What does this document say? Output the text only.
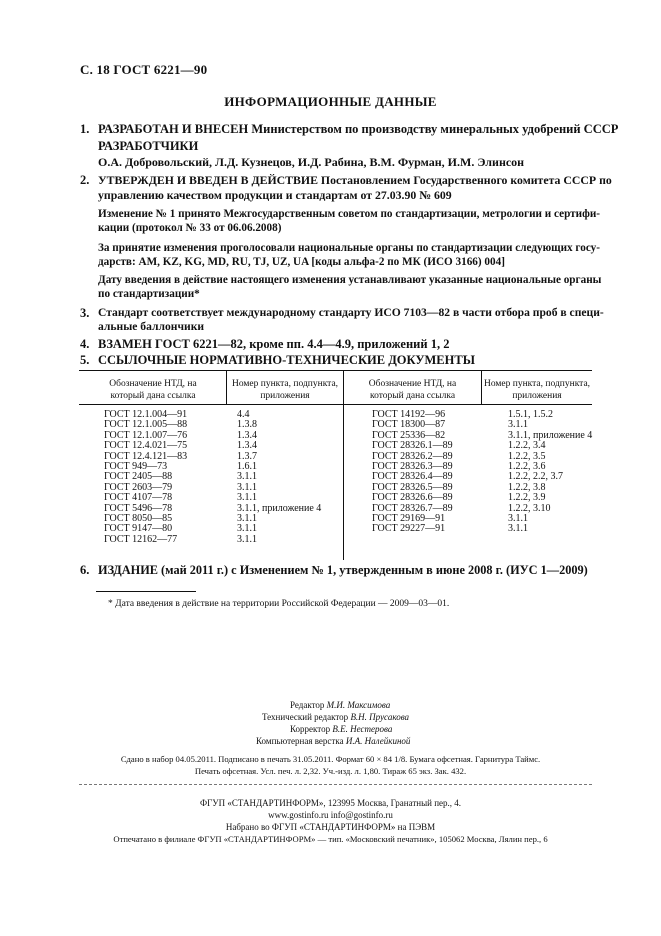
С. 18 ГОСТ 6221—90
ИНФОРМАЦИОННЫЕ ДАННЫЕ
1. РАЗРАБОТАН И ВНЕСЕН Министерством по производству минеральных удобрений СССР
РАЗРАБОТЧИКИ
О.А. Добровольский, Л.Д. Кузнецов, И.Д. Рабина, В.М. Фурман, И.М. Элинсон
2. УТВЕРЖДЕН И ВВЕДЕН В ДЕЙСТВИЕ Постановлением Государственного комитета СССР по
управлению качеством продукции и стандартам от 27.03.90 № 609
Изменение № 1 принято Межгосударственным советом по стандартизации, метрологии и сертифи-
кации (протокол № 33 от 06.06.2008)
За принятие изменения проголосовали национальные органы по стандартизации следующих госу-
дарств: AM, KZ, KG, MD, RU, TJ, UZ, UA [коды альфа-2 по МК (ИСО 3166) 004]
Дату введения в действие настоящего изменения устанавливают указанные национальные органы
по стандартизации*
3. Стандарт соответствует международному стандарту ИСО 7103—82 в части отбора проб в специ-
альные баллончики
4. ВЗАМЕН ГОСТ 6221—82, кроме пп. 4.4—4.9, приложений 1, 2
5. ССЫЛОЧНЫЕ НОРМАТИВНО-ТЕХНИЧЕСКИЕ ДОКУМЕНТЫ
Обозначение НТД, на
который дана ссылка
Номер пункта, подпункта,
приложения
Обозначение НТД, на
который дана ссылка
Номер пункта, подпункта,
приложения
ГОСТ 12.1.004—91
ГОСТ 12.1.005—88
ГОСТ 12.1.007—76
ГОСТ 12.4.021—75
ГОСТ 12.4.121—83
ГОСТ 949—73
ГОСТ 2405—88
ГОСТ 2603—79
ГОСТ 4107—78
ГОСТ 5496—78
ГОСТ 8050—85
ГОСТ 9147—80
ГОСТ 12162—77
4.4
1.3.8
1.3.4
1.3.4
1.3.7
1.6.1
3.1.1
3.1.1
3.1.1
3.1.1, приложение 4
3.1.1
3.1.1
3.1.1
ГОСТ 14192—96
ГОСТ 18300—87
ГОСТ 25336—82
ГОСТ 28326.1—89
ГОСТ 28326.2—89
ГОСТ 28326.3—89
ГОСТ 28326.4—89
ГОСТ 28326.5—89
ГОСТ 28326.6—89
ГОСТ 28326.7—89
ГОСТ 29169—91
ГОСТ 29227—91
1.5.1, 1.5.2
3.1.1
3.1.1, приложение 4
1.2.2, 3.4
1.2.2, 3.5
1.2.2, 3.6
1.2.2, 2.2, 3.7
1.2.2, 3.8
1.2.2, 3.9
1.2.2, 3.10
3.1.1
3.1.1
6. ИЗДАНИЕ (май 2011 г.) с Изменением № 1, утвержденным в июне 2008 г. (ИУС 1—2009)
* Дата введения в действие на территории Российской Федерации — 2009—03—01.
Редактор М.И. Максимова
Технический редактор В.Н. Прусакова
Корректор В.Е. Нестерова
Компьютерная верстка И.А. Налейкиной
Сдано в набор 04.05.2011. Подписано в печать 31.05.2011. Формат 60 × 84 1/8. Бумага офсетная. Гарнитура Таймс.
Печать офсетная. Усл. печ. л. 2,32. Уч.-изд. л. 1,80. Тираж 65 экз. Зак. 432.
ФГУП «СТАНДАРТИНФОРМ», 123995 Москва, Гранатный пер., 4.
www.gostinfo.ru info@gostinfo.ru
Набрано во ФГУП «СТАНДАРТИНФОРМ» на ПЭВМ
Отпечатано в филиале ФГУП «СТАНДАРТИНФОРМ» — тип. «Московский печатник», 105062 Москва, Лялин пер., 6
